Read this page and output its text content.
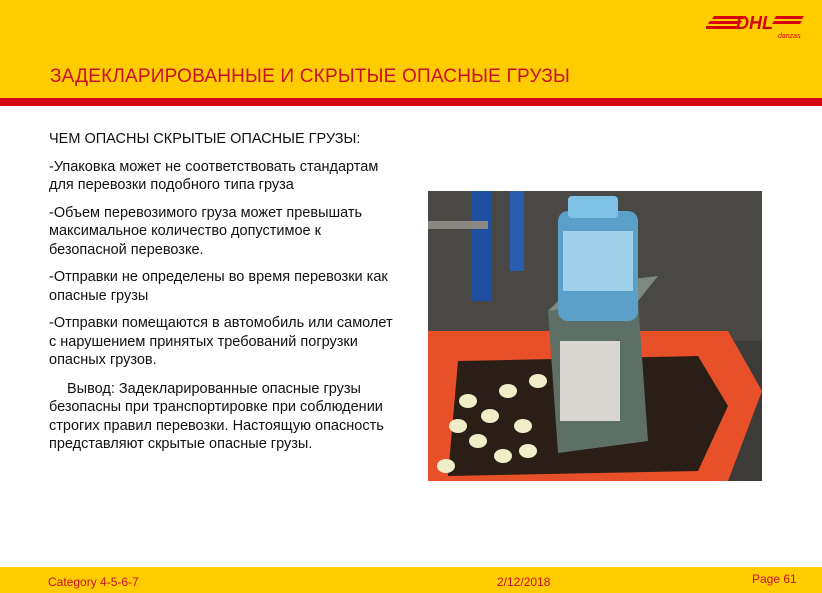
DHL
danzas
ЗАДЕКЛАРИРОВАННЫЕ И СКРЫТЫЕ ОПАСНЫЕ ГРУЗЫ

ЧЕМ ОПАСНЫ СКРЫТЫЕ ОПАСНЫЕ ГРУЗЫ:

-Упаковка может не соответствовать стандартам для перевозки подобного типа груза

-Объем перевозимого груза может превышать максимальное количество допустимое к безопасной перевозке.

-Отправки не определены во время перевозки как опасные грузы

-Отправки помещаются в автомобиль или самолет с нарушением принятых требований погрузки опасных грузов.

Вывод: Задекларированные опасные грузы безопасны при транспортировке при соблюдении строгих правил перевозки. Настоящую опасность представляют скрытые опасные грузы.

Category 4-5-6-7	2/12/2018	Page 61
